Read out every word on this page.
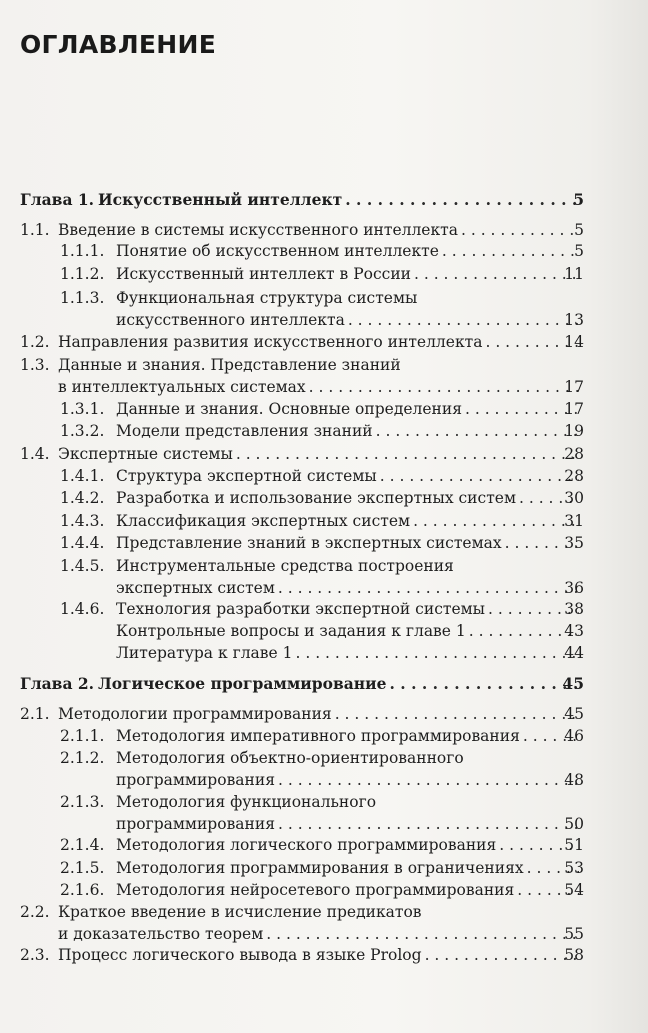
ОГЛАВЛЕНИЕ
Глава 1. Искусственный интеллект . . .	5
1.1. Введение в системы искусственного интеллекта . . .	5
1.1.1. Понятие об искусственном интеллекте . . .	5
1.1.2. Искусственный интеллект в России . . .	11
1.1.3. Функциональная структура системы
искусственного интеллекта . . .	13
1.2. Направления развития искусственного интеллекта . . .	14
1.3. Данные и знания. Представление знаний
в интеллектуальных системах . . .	17
1.3.1. Данные и знания. Основные определения . . .	17
1.3.2. Модели представления знаний . . .	19
1.4. Экспертные системы . . .	28
1.4.1. Структура экспертной системы . . .	28
1.4.2. Разработка и использование экспертных систем . . .	30
1.4.3. Классификация экспертных систем . . .	31
1.4.4. Представление знаний в экспертных системах . . .	35
1.4.5. Инструментальные средства построения
экспертных систем . . .	36
1.4.6. Технология разработки экспертной системы . . .	38
Контрольные вопросы и задания к главе 1 . . .	43
Литература к главе 1 . . .	44
Глава 2. Логическое программирование . . .	45
2.1. Методологии программирования . . .	45
2.1.1. Методология императивного программирования . . .	46
2.1.2. Методология объектно-ориентированного
программирования . . .	48
2.1.3. Методология функционального
программирования . . .	50
2.1.4. Методология логического программирования . . .	51
2.1.5. Методология программирования в ограничениях . . .	53
2.1.6. Методология нейросетевого программирования . . .	54
2.2. Краткое введение в исчисление предикатов
и доказательство теорем . . .	55
2.3. Процесс логического вывода в языке Prolog . . .	58
